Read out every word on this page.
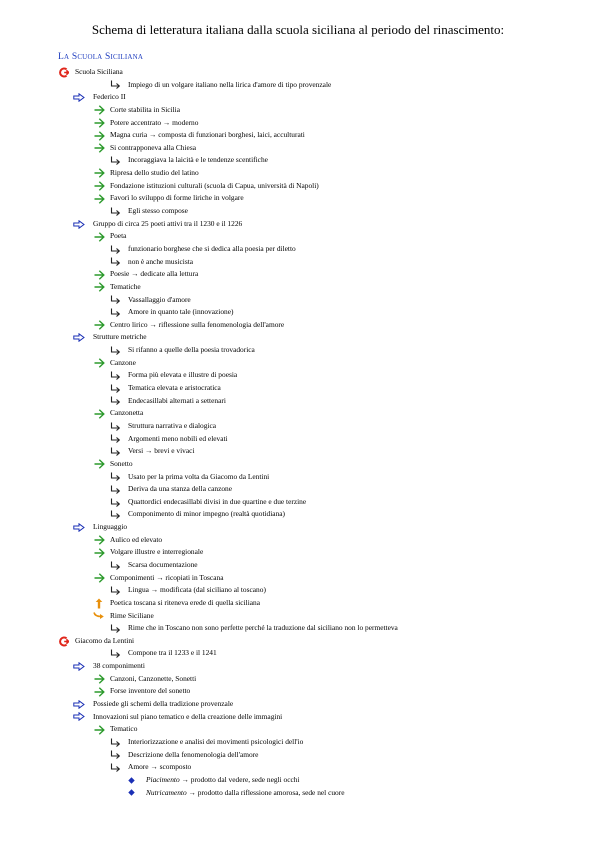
Schema di letteratura italiana dalla scuola siciliana al periodo del rinascimento:
La Scuola Siciliana
Scuola Siciliana
Impiego di un volgare italiano nella lirica d'amore di tipo provenzale
Federico II
Corte stabilita in Sicilia
Potere accentrato → moderno
Magna curia → composta di funzionari borghesi, laici, acculturati
Si contrapponeva alla Chiesa
Incoraggiava la laicità e le tendenze scentifiche
Ripresa dello studio del latino
Fondazione istituzioni culturali (scuola di Capua, università di Napoli)
Favorì lo sviluppo di forme liriche in volgare
Egli stesso compose
Gruppo di circa 25 poeti attivi tra il 1230 e il 1226
Poeta
funzionario borghese che si dedica alla poesia per diletto
non è anche musicista
Poesie → dedicate alla lettura
Tematiche
Vassallaggio d'amore
Amore in quanto tale (innovazione)
Centro lirico → riflessione sulla fenomenologia dell'amore
Strutture metriche
Si rifanno a quelle della poesia trovadorica
Canzone
Forma più elevata e illustre di poesia
Tematica elevata e aristocratica
Endecasillabi alternati a settenari
Canzonetta
Struttura narrativa e dialogica
Argomenti meno nobili ed elevati
Versi → brevi e vivaci
Sonetto
Usato per la prima volta da Giacomo da Lentini
Deriva da una stanza della canzone
Quattordici endecasillabi divisi in due quartine e due terzine
Componimento di minor impegno (realtà quotidiana)
Linguaggio
Aulico ed elevato
Volgare illustre e interregionale
Scarsa documentazione
Componimenti → ricopiati in Toscana
Lingua → modificata (dal siciliano al toscano)
Poetica toscana si riteneva erede di quella siciliana
Rime Siciliane
Rime che in Toscano non sono perfette perché la traduzione dal siciliano non lo permetteva
Giacomo da Lentini
Compone tra il 1233 e il 1241
38 componimenti
Canzoni, Canzonette, Sonetti
Forse inventore del sonetto
Possiede gli schemi della tradizione provenzale
Innovazioni sul piano tematico e della creazione delle immagini
Tematico
Interiorizzazione e analisi dei movimenti psicologici dell'io
Descrizione della fenomenologia dell'amore
Amore → scomposto
Piacimento → prodotto dal vedere, sede negli occhi
Nutricamento → prodotto dalla riflessione amorosa, sede nel cuore
